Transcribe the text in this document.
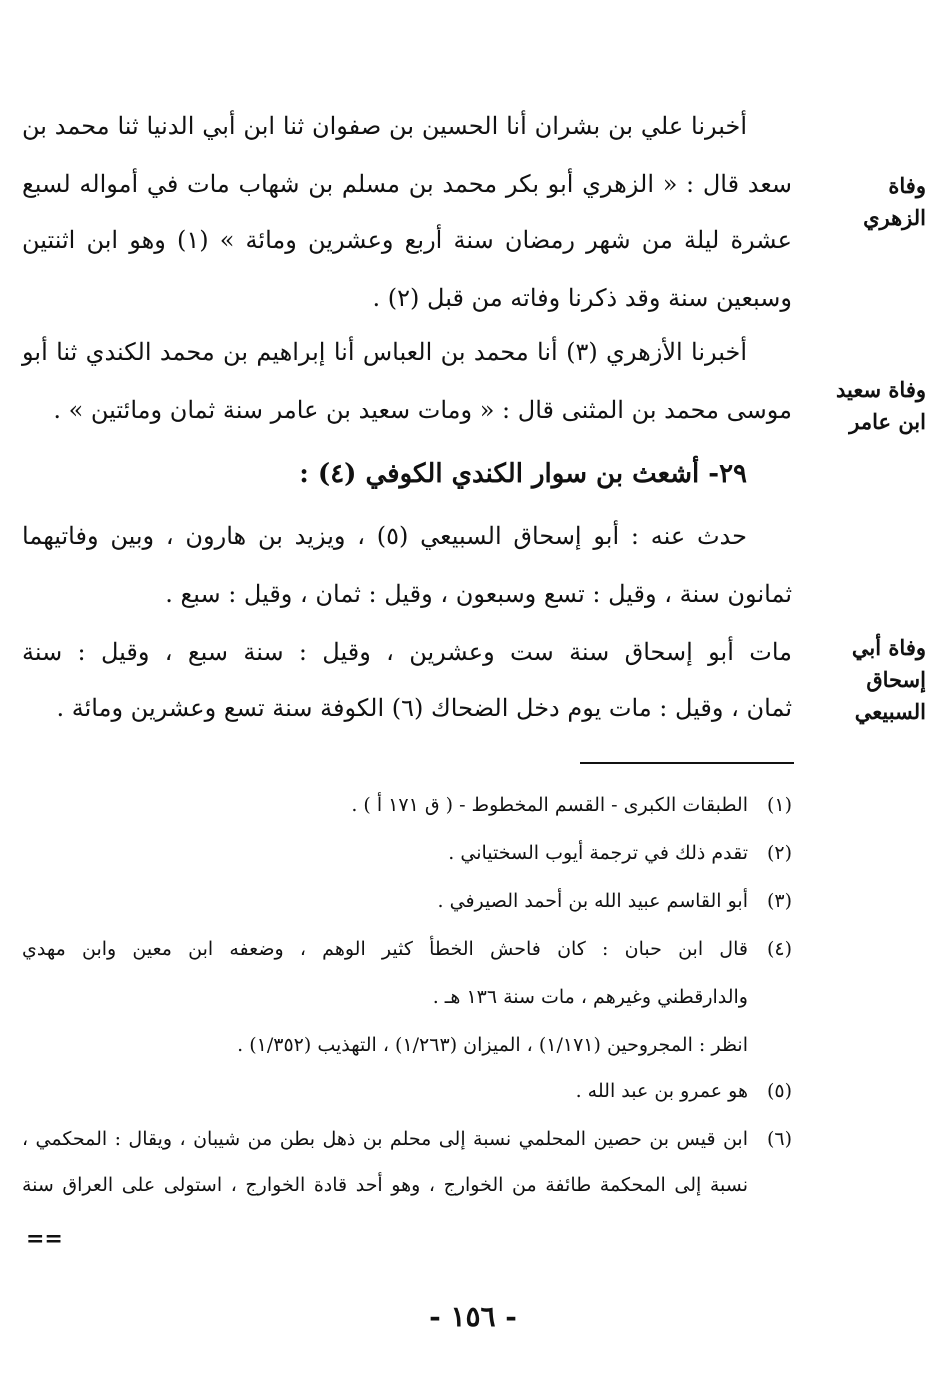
أخبرنا علي بن بشران أنا الحسين بن صفوان ثنا ابن أبي الدنيا ثنا محمد بن
سعد قال : « الزهري أبو بكر محمد بن مسلم بن شهاب مات في أمواله لسبع
عشرة ليلة من شهر رمضان سنة أربع وعشرين ومائة » (١) وهو ابن اثنتين
وسبعين سنة وقد ذكرنا وفاته من قبل (٢) .
أخبرنا الأزهري (٣) أنا محمد بن العباس أنا إبراهيم بن محمد الكندي ثنا أبو
موسى محمد بن المثنى قال : « ومات سعيد بن عامر سنة ثمان ومائتين » .
٢٩- أشعث بن سوار الكندي الكوفي (٤) :
حدث عنه : أبو إسحاق السبيعي (٥) ، ويزيد بن هارون ، وبين وفاتيهما
ثمانون سنة ، وقيل : تسع وسبعون ، وقيل : ثمان ، وقيل : سبع .
مات أبو إسحاق سنة ست وعشرين ، وقيل : سنة سبع ، وقيل : سنة
ثمان ، وقيل : مات يوم دخل الضحاك (٦) الكوفة سنة تسع وعشرين ومائة .
وفاة
الزهري
وفاة سعيد
ابن عامر
وفاة أبي
إسحاق
السبيعي
(١)الطبقات الكبرى - القسم المخطوط - ( ق ١٧١ أ ) .
(٢)تقدم ذلك في ترجمة أيوب السختياني .
(٣)أبو القاسم عبيد الله بن أحمد الصيرفي .
(٤)قال ابن حبان : كان فاحش الخطأ كثير الوهم ، وضعفه ابن معين وابن مهدي
والدارقطني وغيرهم ، مات سنة ١٣٦ هـ .
انظر : المجروحين (١/١٧١) ، الميزان (١/٢٦٣) ، التهذيب (١/٣٥٢) .
(٥)هو عمرو بن عبد الله .
(٦)ابن قيس بن حصين المحلمي نسبة إلى محلم بن ذهل بطن من شيبان ، ويقال : المحكمي ،
نسبة إلى المحكمة طائفة من الخوارج ، وهو أحد قادة الخوارج ، استولى على العراق سنة
==
- ١٥٦ -
